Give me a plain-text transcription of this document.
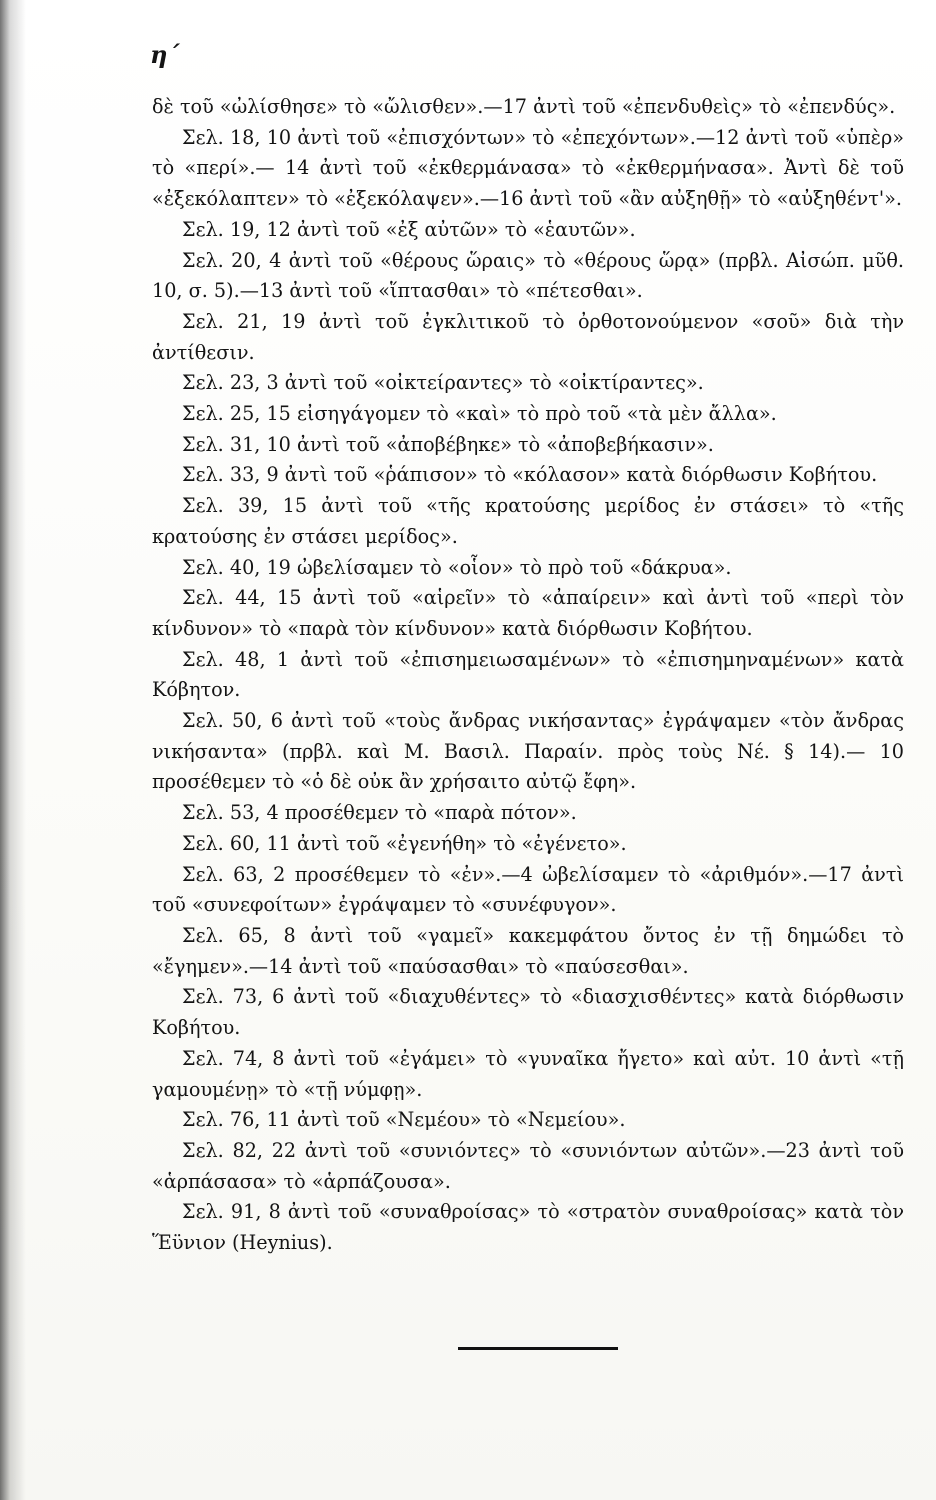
η΄

δὲ τοῦ «ὠλίσθησε» τὸ «ὤλισθεν».—17 ἀντὶ τοῦ «ἐπενδυθεὶς» τὸ «ἐπενδύς».

Σελ. 18, 10 ἀντὶ τοῦ «ἐπισχόντων» τὸ «ἐπεχόντων».—12 ἀντὶ τοῦ «ὑπὲρ» τὸ «περί».— 14 ἀντὶ τοῦ «ἐκθερμάνασα» τὸ «ἐκθερμήνασα». Ἀντὶ δὲ τοῦ «ἐξεκόλαπτεν» τὸ «ἐξεκόλαψεν».—16 ἀντὶ τοῦ «ἂν αὐξηθῇ» τὸ «αὐξηθέντ'».

Σελ. 19, 12 ἀντὶ τοῦ «ἐξ αὐτῶν» τὸ «ἑαυτῶν».

Σελ. 20, 4 ἀντὶ τοῦ «θέρους ὥραις» τὸ «θέρους ὥρᾳ» (πρβλ. Αἰσώπ. μῦθ. 10, σ. 5).—13 ἀντὶ τοῦ «ἵπτασθαι» τὸ «πέτεσθαι».

Σελ. 21, 19 ἀντὶ τοῦ ἐγκλιτικοῦ τὸ ὀρθοτονούμενον «σοῦ» διὰ τὴν ἀντίθεσιν.

Σελ. 23, 3 ἀντὶ τοῦ «οἰκτείραντες» τὸ «οἰκτίραντες».

Σελ. 25, 15 εἰσηγάγομεν τὸ «καὶ» τὸ πρὸ τοῦ «τὰ μὲν ἄλλα».

Σελ. 31, 10 ἀντὶ τοῦ «ἀποβέβηκε» τὸ «ἀποβεβήκασιν».

Σελ. 33, 9 ἀντὶ τοῦ «ῥάπισον» τὸ «κόλασον» κατὰ διόρθωσιν Κοβήτου.

Σελ. 39, 15 ἀντὶ τοῦ «τῆς κρατούσης μερίδος ἐν στάσει» τὸ «τῆς κρατούσης ἐν στάσει μερίδος».

Σελ. 40, 19 ὠβελίσαμεν τὸ «οἷον» τὸ πρὸ τοῦ «δάκρυα».

Σελ. 44, 15 ἀντὶ τοῦ «αἱρεῖν» τὸ «ἀπαίρειν» καὶ ἀντὶ τοῦ «περὶ τὸν κίνδυνον» τὸ «παρὰ τὸν κίνδυνον» κατὰ διόρθωσιν Κοβήτου.

Σελ. 48, 1 ἀντὶ τοῦ «ἐπισημειωσαμένων» τὸ «ἐπισημηναμένων» κατὰ Κόβητον.

Σελ. 50, 6 ἀντὶ τοῦ «τοὺς ἄνδρας νικήσαντας» ἐγράψαμεν «τὸν ἄνδρας νικήσαντα» (πρβλ. καὶ Μ. Βασιλ. Παραίν. πρὸς τοὺς Νέ. § 14).— 10 προσέθεμεν τὸ «ὁ δὲ οὐκ ἂν χρήσαιτο αὐτῷ ἔφη».

Σελ. 53, 4 προσέθεμεν τὸ «παρὰ πότον».

Σελ. 60, 11 ἀντὶ τοῦ «ἐγενήθη» τὸ «ἐγένετο».

Σελ. 63, 2 προσέθεμεν τὸ «ἐν».—4 ὠβελίσαμεν τὸ «ἀριθμόν».—17 ἀντὶ τοῦ «συνεφοίτων» ἐγράψαμεν τὸ «συνέφυγον».

Σελ. 65, 8 ἀντὶ τοῦ «γαμεῖ» κακεμφάτου ὄντος ἐν τῇ δημώδει τὸ «ἔγημεν».—14 ἀντὶ τοῦ «παύσασθαι» τὸ «παύσεσθαι».

Σελ. 73, 6 ἀντὶ τοῦ «διαχυθέντες» τὸ «διασχισθέντες» κατὰ διόρθωσιν Κοβήτου.

Σελ. 74, 8 ἀντὶ τοῦ «ἐγάμει» τὸ «γυναῖκα ἤγετο» καὶ αὐτ. 10 ἀντὶ «τῇ γαμουμένῃ» τὸ «τῇ νύμφῃ».

Σελ. 76, 11 ἀντὶ τοῦ «Νεμέου» τὸ «Νεμείου».

Σελ. 82, 22 ἀντὶ τοῦ «συνιόντες» τὸ «συνιόντων αὐτῶν».—23 ἀντὶ τοῦ «ἁρπάσασα» τὸ «ἁρπάζουσα».

Σελ. 91, 8 ἀντὶ τοῦ «συναθροίσας» τὸ «στρατὸν συναθροίσας» κατὰ τὸν Ἕϋνιον (Heynius).
